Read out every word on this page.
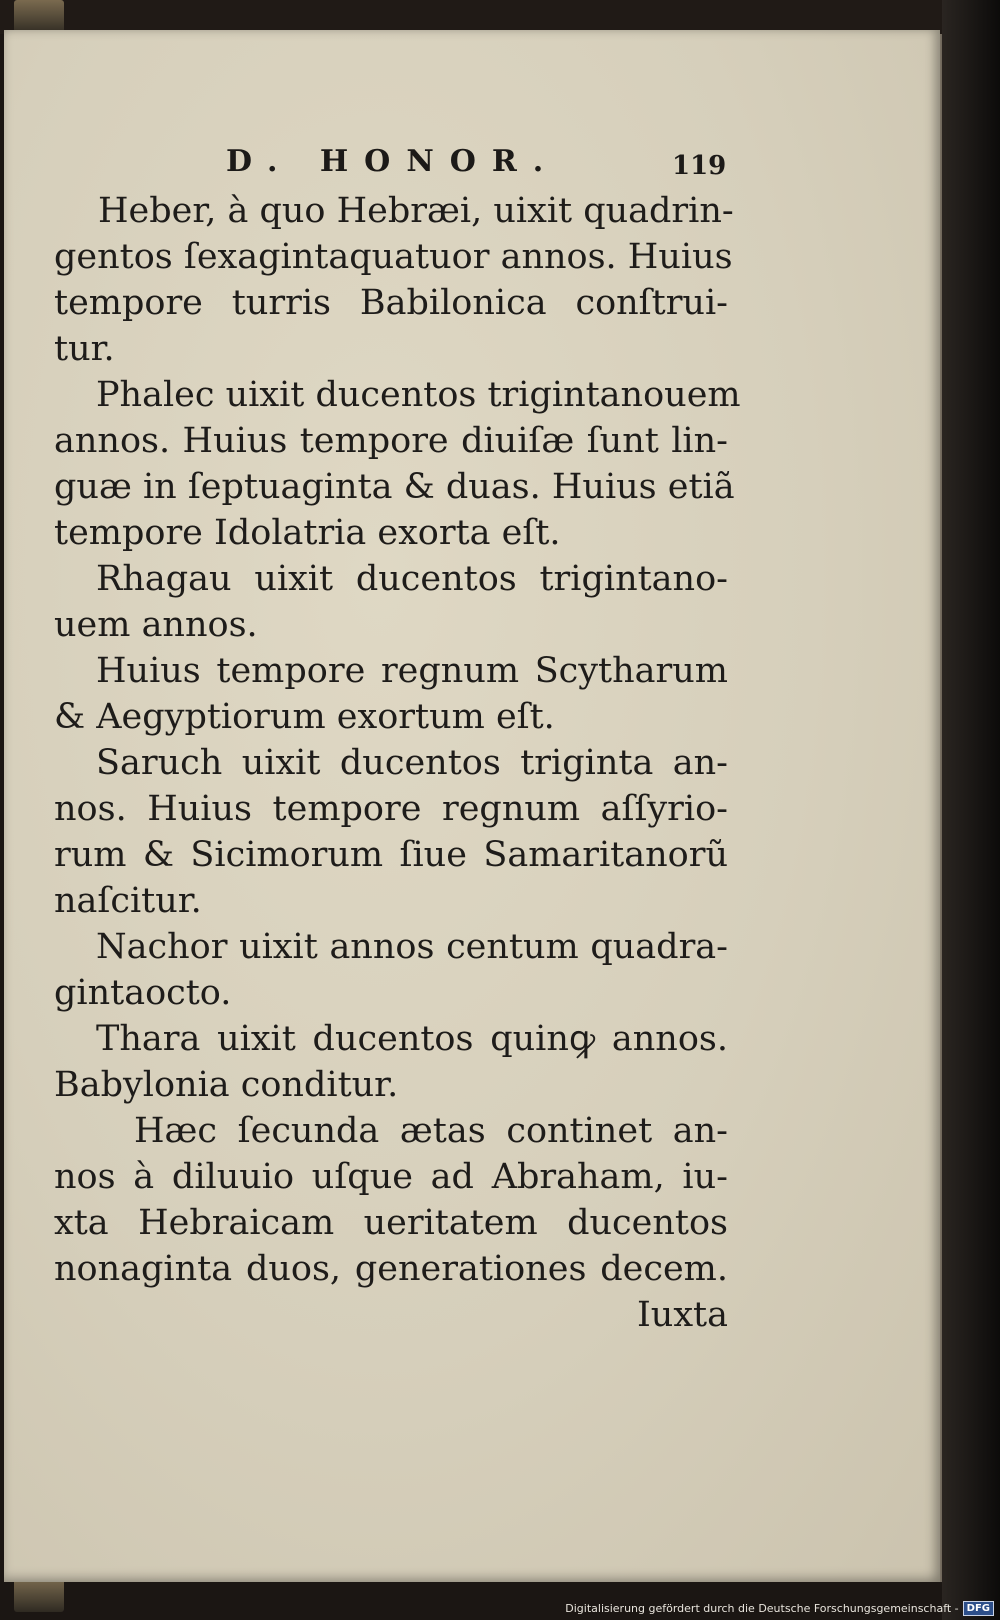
D. HONOR.	119
Heber, à quo Hebræi, uixit quadrin-
gentos ſexagintaquatuor annos. Huius
tempore turris Babilonica conſtrui-
tur.
Phalec uixit ducentos trigintanouem
annos. Huius tempore diuiſæ ſunt lin-
guæ in ſeptuaginta & duas. Huius etiã
tempore Idolatria exorta eſt.
Rhagau uixit ducentos trigintano-
uem annos.
Huius tempore regnum Scytharum
& Aegyptiorum exortum eſt.
Saruch uixit ducentos triginta an-
nos. Huius tempore regnum aſſyrio-
rum & Sicimorum ſiue Samaritanorũ
naſcitur.
Nachor uixit annos centum quadra-
gintaocto.
Thara uixit ducentos quinꝙ annos.
Babylonia conditur.
Hæc ſecunda ætas continet an-
nos à diluuio uſque ad Abraham, iu-
xta Hebraicam ueritatem ducentos
nonaginta duos, generationes decem.
Iuxta
Digitalisierung gefördert durch die Deutsche Forschungsgemeinschaft - DFG
